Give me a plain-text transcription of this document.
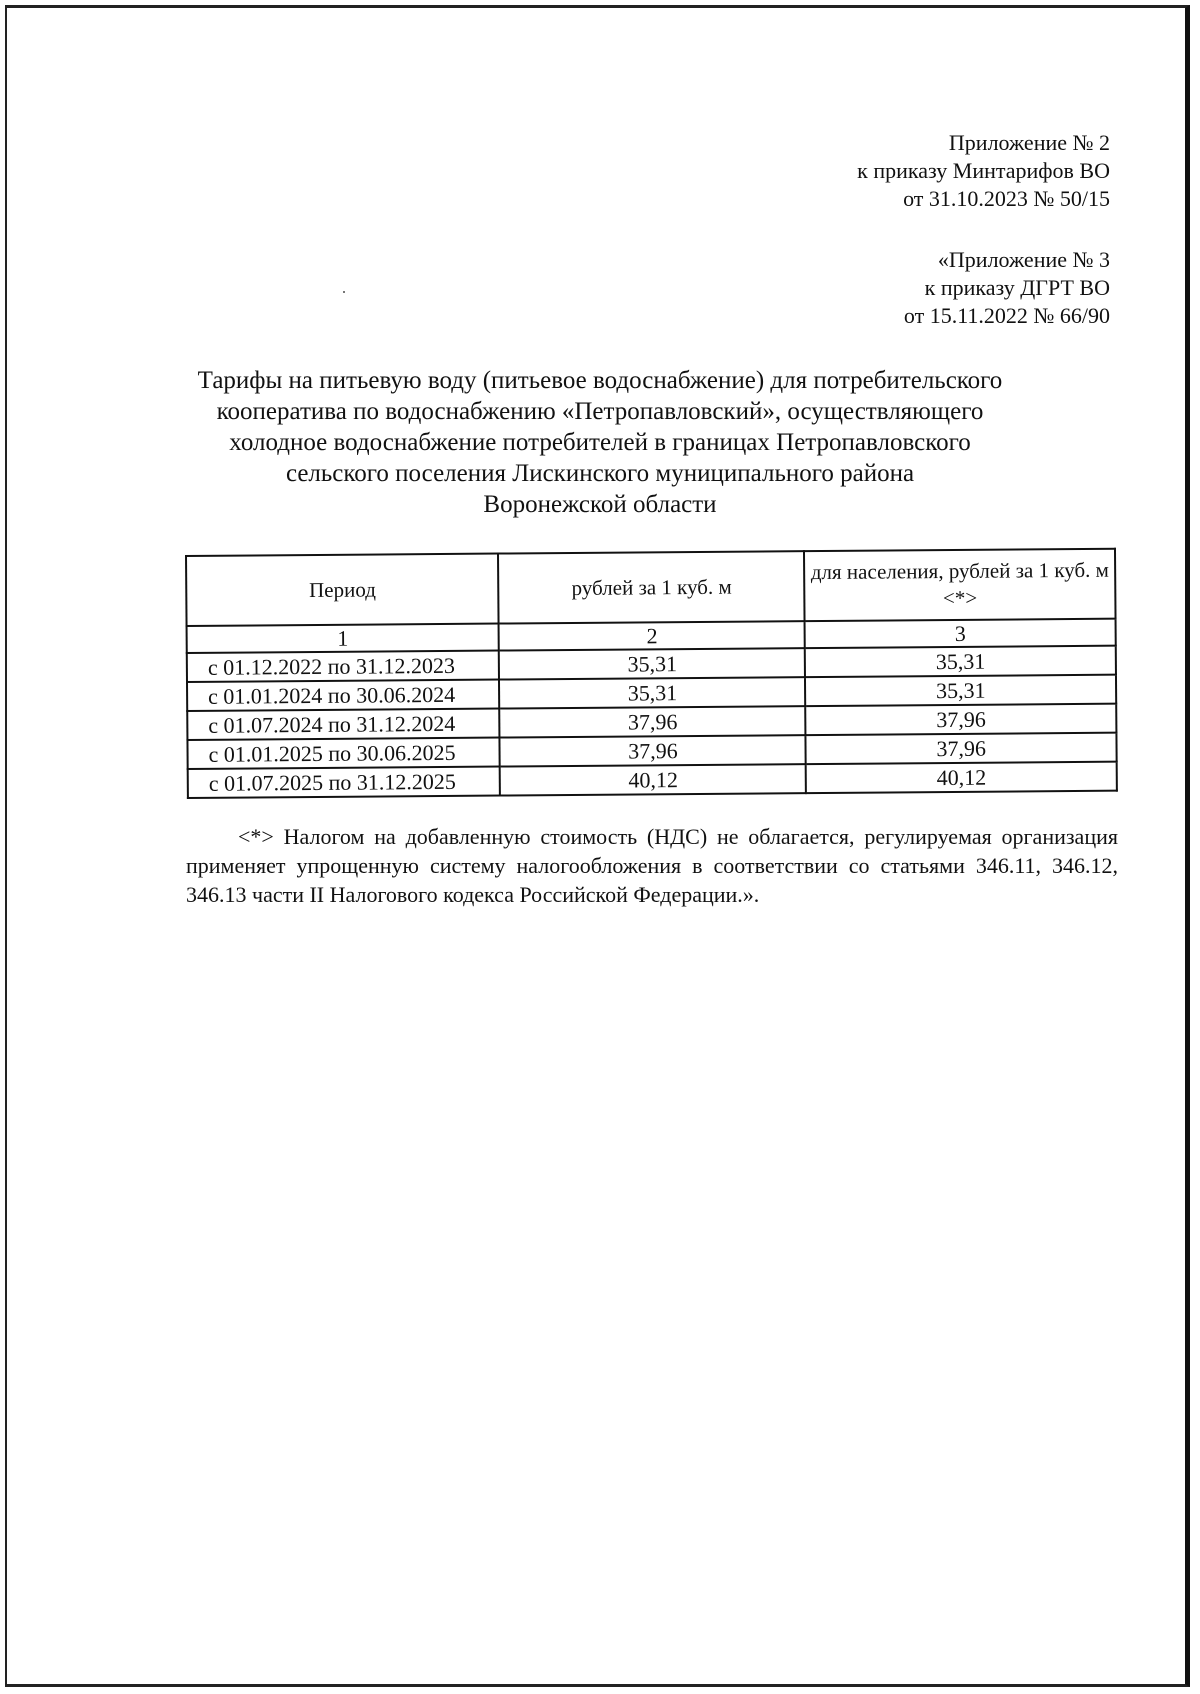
Приложение № 2
к приказу Минтарифов ВО
от 31.10.2023 № 50/15
«Приложение № 3
к приказу ДГРТ ВО
от 15.11.2022 № 66/90
Тарифы на питьевую воду (питьевое водоснабжение) для потребительского
кооператива по водоснабжению «Петропавловский», осуществляющего
холодное водоснабжение потребителей в границах Петропавловского
сельского поселения Лискинского муниципального района
Воронежской области
Период	рублей за 1 куб. м	для населения, рублей за 1 куб. м <*>
1	2	3
с 01.12.2022 по 31.12.2023	35,31	35,31
с 01.01.2024 по 30.06.2024	35,31	35,31
с 01.07.2024 по 31.12.2024	37,96	37,96
с 01.01.2025 по 30.06.2025	37,96	37,96
с 01.07.2025 по 31.12.2025	40,12	40,12

<*> Налогом на добавленную стоимость (НДС) не облагается, регулируемая организация применяет упрощенную систему налогообложения в соответствии со статьями 346.11, 346.12, 346.13 части II Налогового кодекса Российской Федерации.».
